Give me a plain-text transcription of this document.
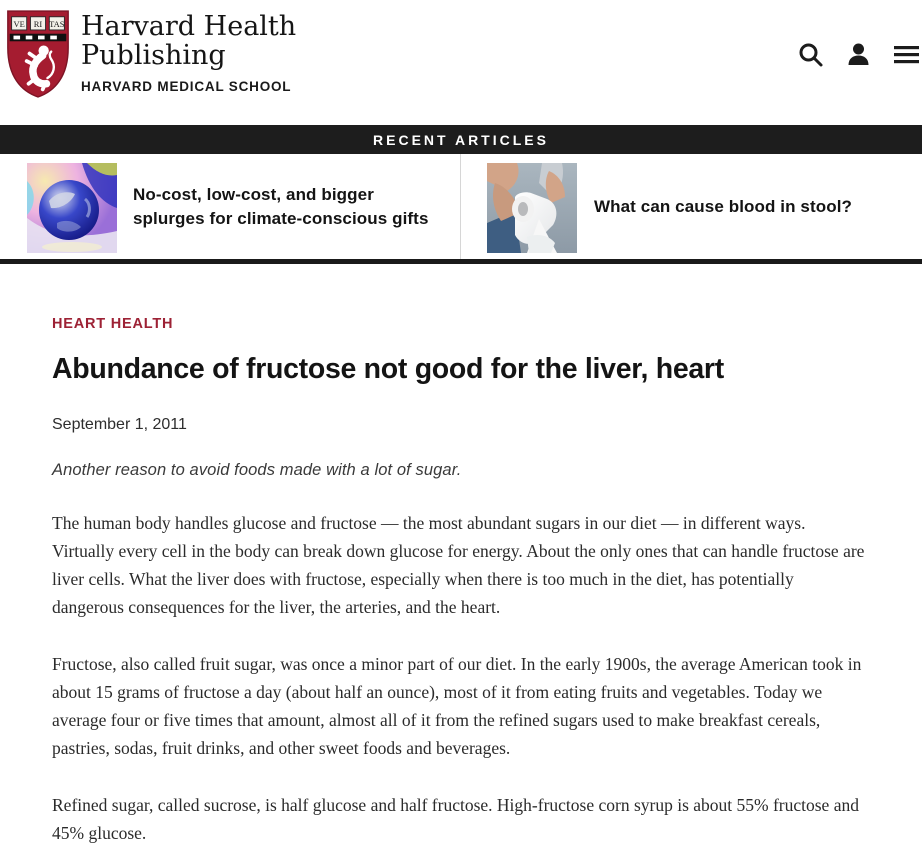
VE RI TAS Harvard Health
Publishing
HARVARD MEDICAL SCHOOL
RECENT ARTICLES
No-cost, low-cost, and bigger splurges for climate-conscious gifts
What can cause blood in stool?
HEART HEALTH
Abundance of fructose not good for the liver, heart
September 1, 2011

Another reason to avoid foods made with a lot of sugar.

The human body handles glucose and fructose — the most abundant sugars in our diet — in different ways. Virtually every cell in the body can break down glucose for energy. About the only ones that can handle fructose are liver cells. What the liver does with fructose, especially when there is too much in the diet, has potentially dangerous consequences for the liver, the arteries, and the heart.

Fructose, also called fruit sugar, was once a minor part of our diet. In the early 1900s, the average American took in about 15 grams of fructose a day (about half an ounce), most of it from eating fruits and vegetables. Today we average four or five times that amount, almost all of it from the refined sugars used to make breakfast cereals, pastries, sodas, fruit drinks, and other sweet foods and beverages.

Refined sugar, called sucrose, is half glucose and half fructose. High-fructose corn syrup is about 55% fructose and 45% glucose.
